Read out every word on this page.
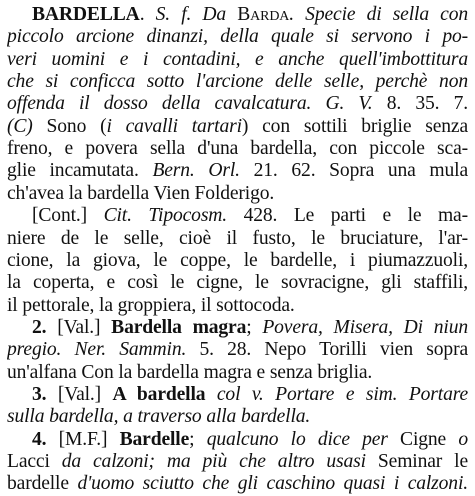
BARDELLA. S. f. Da Barda. Specie di sella con
piccolo arcione dinanzi, della quale si servono i po-
veri uomini e i contadini, e anche quell'imbottitura
che si conficca sotto l'arcione delle selle, perchè non
offenda il dosso della cavalcatura. G. V. 8. 35. 7.
(C) Sono (i cavalli tartari) con sottili briglie senza
freno, e povera sella d'una bardella, con piccole sca-
glie incamutata. Bern. Orl. 21. 62. Sopra una mula
ch'avea la bardella Vien Folderigo.
[Cont.] Cit. Tipocosm. 428. Le parti e le ma-
niere de le selle, cioè il fusto, le bruciature, l'ar-
cione, la giova, le coppe, le bardelle, i piumazzuoli,
la coperta, e così le cigne, le sovracigne, gli staffili,
il pettorale, la groppiera, il sottocoda.
2. [Val.] Bardella magra; Povera, Misera, Di niun
pregio. Ner. Sammin. 5. 28. Nepo Torilli vien sopra
un'alfana Con la bardella magra e senza briglia.
3. [Val.] A bardella col v. Portare e sim. Portare
sulla bardella, a traverso alla bardella.
4. [M.F.] Bardelle; qualcuno lo dice per Cigne o
Lacci da calzoni; ma più che altro usasi Seminar le
bardelle d'uomo sciutto che gli caschino quasi i calzoni.
